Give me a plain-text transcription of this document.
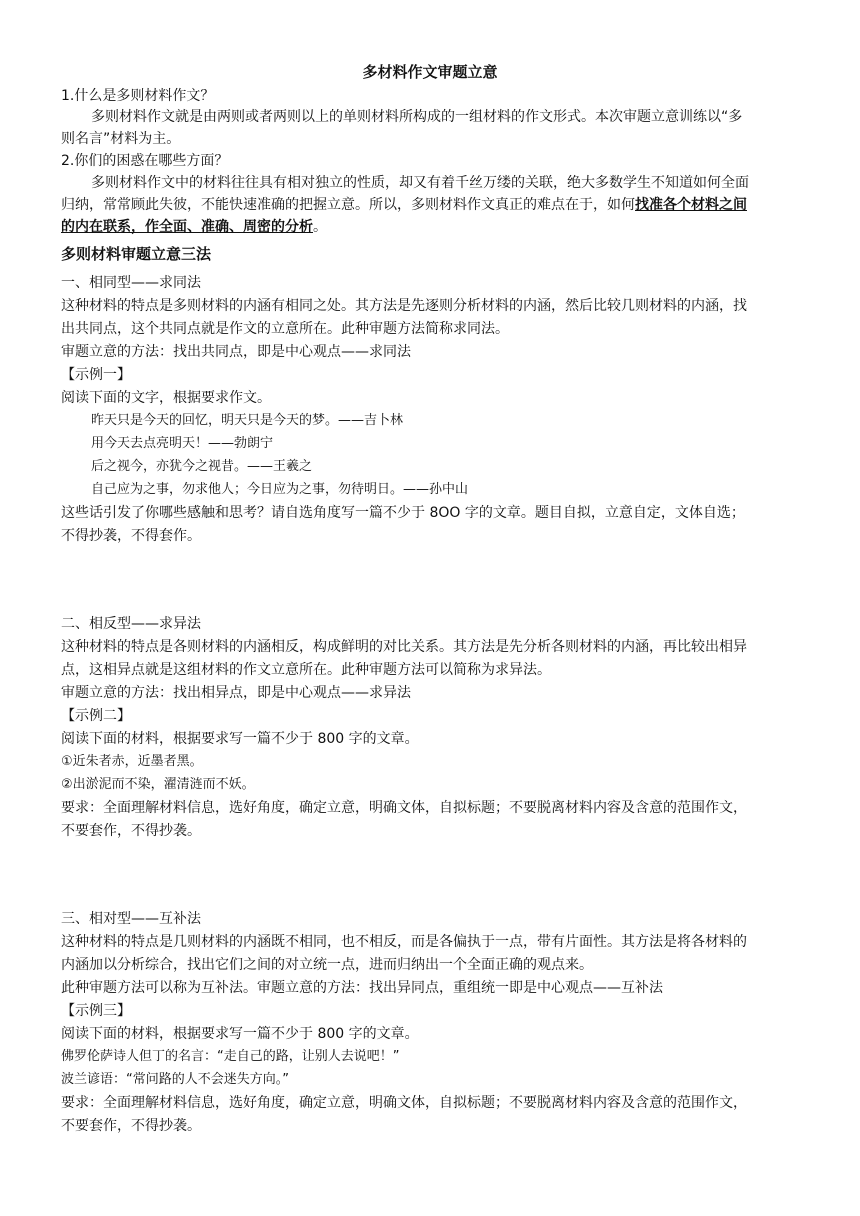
多材料作文审题立意
1.什么是多则材料作文？
多则材料作文就是由两则或者两则以上的单则材料所构成的一组材料的作文形式。本次审题立意训练以“多
则名言”材料为主。
2.你们的困惑在哪些方面？
多则材料作文中的材料往往具有相对独立的性质，却又有着千丝万缕的关联，绝大多数学生不知道如何全面
归纳，常常顾此失彼，不能快速准确的把握立意。所以，多则材料作文真正的难点在于，如何找准各个材料之间
的内在联系，作全面、准确、周密的分析。
多则材料审题立意三法
一、相同型——求同法
这种材料的特点是多则材料的内涵有相同之处。其方法是先逐则分析材料的内涵，然后比较几则材料的内涵，找
出共同点，这个共同点就是作文的立意所在。此种审题方法简称求同法。
审题立意的方法：找出共同点，即是中心观点——求同法
【示例一】
阅读下面的文字，根据要求作文。
昨天只是今天的回忆，明天只是今天的梦。——吉卜林
用今天去点亮明天！——勃朗宁
后之视今，亦犹今之视昔。——王羲之
自己应为之事，勿求他人；今日应为之事，勿待明日。——孙中山
这些话引发了你哪些感触和思考？请自选角度写一篇不少于 8OO 字的文章。题目自拟，立意自定，文体自选；
不得抄袭，不得套作。
二、相反型——求异法
这种材料的特点是各则材料的内涵相反，构成鲜明的对比关系。其方法是先分析各则材料的内涵，再比较出相异
点，这相异点就是这组材料的作文立意所在。此种审题方法可以简称为求异法。
审题立意的方法：找出相异点，即是中心观点——求异法
【示例二】
阅读下面的材料，根据要求写一篇不少于 800 字的文章。
①近朱者赤，近墨者黑。
②出淤泥而不染，濯清涟而不妖。
要求：全面理解材料信息，选好角度，确定立意，明确文体，自拟标题；不要脱离材料内容及含意的范围作文，
不要套作，不得抄袭。
三、相对型——互补法
这种材料的特点是几则材料的内涵既不相同，也不相反，而是各偏执于一点，带有片面性。其方法是将各材料的
内涵加以分析综合，找出它们之间的对立统一点，进而归纳出一个全面正确的观点来。
此种审题方法可以称为互补法。审题立意的方法：找出异同点，重组统一即是中心观点——互补法
【示例三】
阅读下面的材料，根据要求写一篇不少于 800 字的文章。
佛罗伦萨诗人但丁的名言：“走自己的路，让别人去说吧！”
波兰谚语：“常问路的人不会迷失方向。”
要求：全面理解材料信息，选好角度，确定立意，明确文体，自拟标题；不要脱离材料内容及含意的范围作文，
不要套作，不得抄袭。
